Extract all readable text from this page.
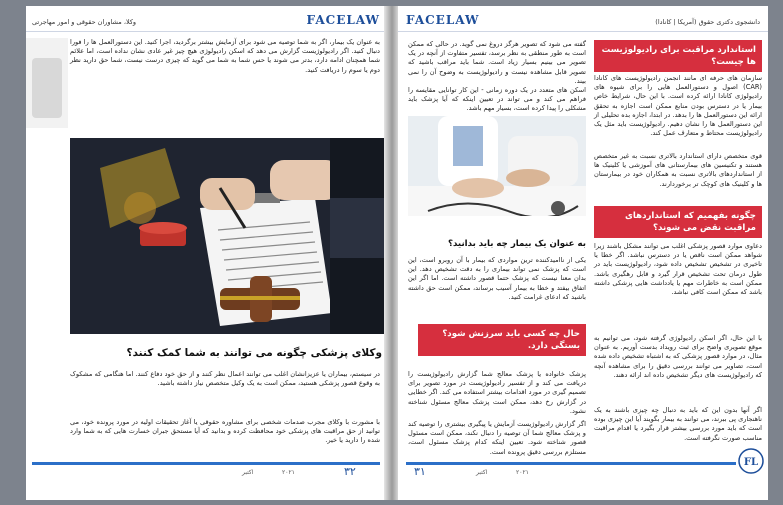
وکلا، مشاوران حقوقی و امور مهاجرتی	FACELAW

به عنوان یک بیمار، اگر به شما توصیه می شود برای آزمایش بیشتر برگردید، اجرا کنید. این دستورالعمل ها را فورا دنبال کنید. اگر رادیولوژیست گزارش می دهد که اسکن رادیولوژی هیچ چیز غیر عادی نشان نداده است، اما علائم شما همچنان ادامه دارد، بدتر می شوند یا حس شما به شما می گوید که چیزی درست نیست، شما حق دارید نظر دوم یا سوم را دریافت کنید.

وکلای پزشکی چگونه می توانند به شما کمک کنند؟

در سیستم، بیماران یا عزیزانشان اغلب می توانند اعمال نظر کنند و از حق خود دفاع کنند. اما هنگامی که مشکوک به وقوع قصور پزشکی هستید، ممکن است به یک وکیل متخصص نیاز داشته باشید.

با مشورت با وکلای مجرب صدمات شخصی برای مشاوره حقوقی یا آغاز تحقیقات اولیه در مورد پرونده خود، می توانید از حق مراقبت های پزشکی خود محافظت کرده و بدانید که آیا مستحق جبران خسارت هایی که به شما وارد شده را دارید یا خیر.

اکتبر	۲۰۲۱	۳۲
FACELAW	دانشجوی دکتری حقوق (آمریکا | کانادا)
استاندارد مراقبت برای رادیولوژیست ها چیست؟

سازمان های حرفه ای مانند انجمن رادیولوژیست های کانادا (CAR) اصول و دستورالعمل هایی را برای شیوه های رادیولوژی کانادا ارائه کرده است. با این حال، شرایط خاص بیمار یا در دسترس بودن منابع ممکن است اجازه به تحقق ارائه این دستورالعمل ها را بدهد. در ابتدا، اجازه بده تحلیلی از این دستورالعمل ها را نشان دهیم. رادیولوژیست باید مثل یک رادیولوژیست محتاط و متعارف عمل کند.

قوی متخصص دارای استاندارد بالاتری نسبت به غیر متخصص هستند و تکنیسین های بیمارستانی های آموزشی یا کلینیک ها از استانداردهای بالاتری نسبت به همکاران خود در بیمارستان ها و کلینیک های کوچک تر برخوردارند.

چگونه بفهمیم که استانداردهای مراقبت نقض می شوند؟

دعاوی موارد قصور پزشکی اغلب می توانند مشکل باشند زیرا شواهد ممکن است ناقص یا در دسترس نباشد. اگر خطا یا تاخیری در تشخیص تشخیص داده شود، رادیولوژیست باید در طول درمان تحت تشخیص قرار گیرد و قابل رهگیری باشد. ممکن است به خاطرات مهم یا یادداشت هایی پزشکی داشته باشد که ممکن است کافی نباشد.

با این حال، اگر اسکن رادیولوژی گرفته شود، می توانیم به موقع تصویری واضح برای ثبت رویداد بدست آوریم. به عنوان مثال، در موارد قصور پزشکی که به اشتباه تشخیص داده شده است، تصاویر می توانند بررسی دقیق را برای مشاهده آنچه که رادیولوژیست های دیگر تشخیص داده اند ارائه دهند.

اگر آنها بدون این که باید به دنبال چه چیزی باشند به یک ناهنجاری پی ببرند، می توانند به بیمار بگویند آیا این چیزی بوده است که باید مورد بررسی بیشتر قرار بگیرد یا اقدام مراقبت مناسب صورت نگرفته است.

گفته می شود که تصویر هرگز دروغ نمی گوید. در حالی که ممکن است به طور منطقی به نظر برسد، تفسیر متفاوت از آنچه در یک تصویر می بینیم بسیار زیاد است. شما باید مراقب باشید که تصویر قابل مشاهده نیست و رادیولوژیست به وضوح آن را نمی بیند.

اسکن های متعدد در یک دوره زمانی - این کار توانایی مقایسه را فراهم می کند و می تواند در تعیین اینکه که آیا پزشک باید مشکلی را پیدا کرده است، بسیار مهم باشد.

به عنوان یک بیمار چه باید بدانید؟

یکی از ناامیدکننده ترین مواردی که بیمار با آن روبرو است، این است که پزشک نمی تواند بیماری را به دقت تشخیص دهد. این بدان معنا نیست که پزشک حتما قصور داشته است. اما اگر این اتفاق بیفتد و خطا به بیمار آسیب برساند، ممکن است حق داشته باشید که ادعای غرامت کنید.

حال چه کسی باید سرزنش شود؟ بستگی دارد.

پزشک خانواده یا پزشک معالج شما گزارش رادیولوژیست را دریافت می کند و از تفسیر رادیولوژیست در مورد تصویر برای تصمیم گیری در مورد اقدامات بیشتر استفاده می کند. اگر خطایی در گزارش رخ دهد، ممکن است پزشک معالج مسئول شناخته نشود.

اگر گزارش رادیولوژیست آزمایش یا پیگیری بیشتری را توصیه کند و پزشک معالج شما آن توصیه را دنبال نکند، ممکن است مسئول قصور شناخته شود. تعیین اینکه کدام پزشک مسئول است، مستلزم بررسی دقیق پرونده است.

۳۱	اکتبر	۲۰۲۱
FL
